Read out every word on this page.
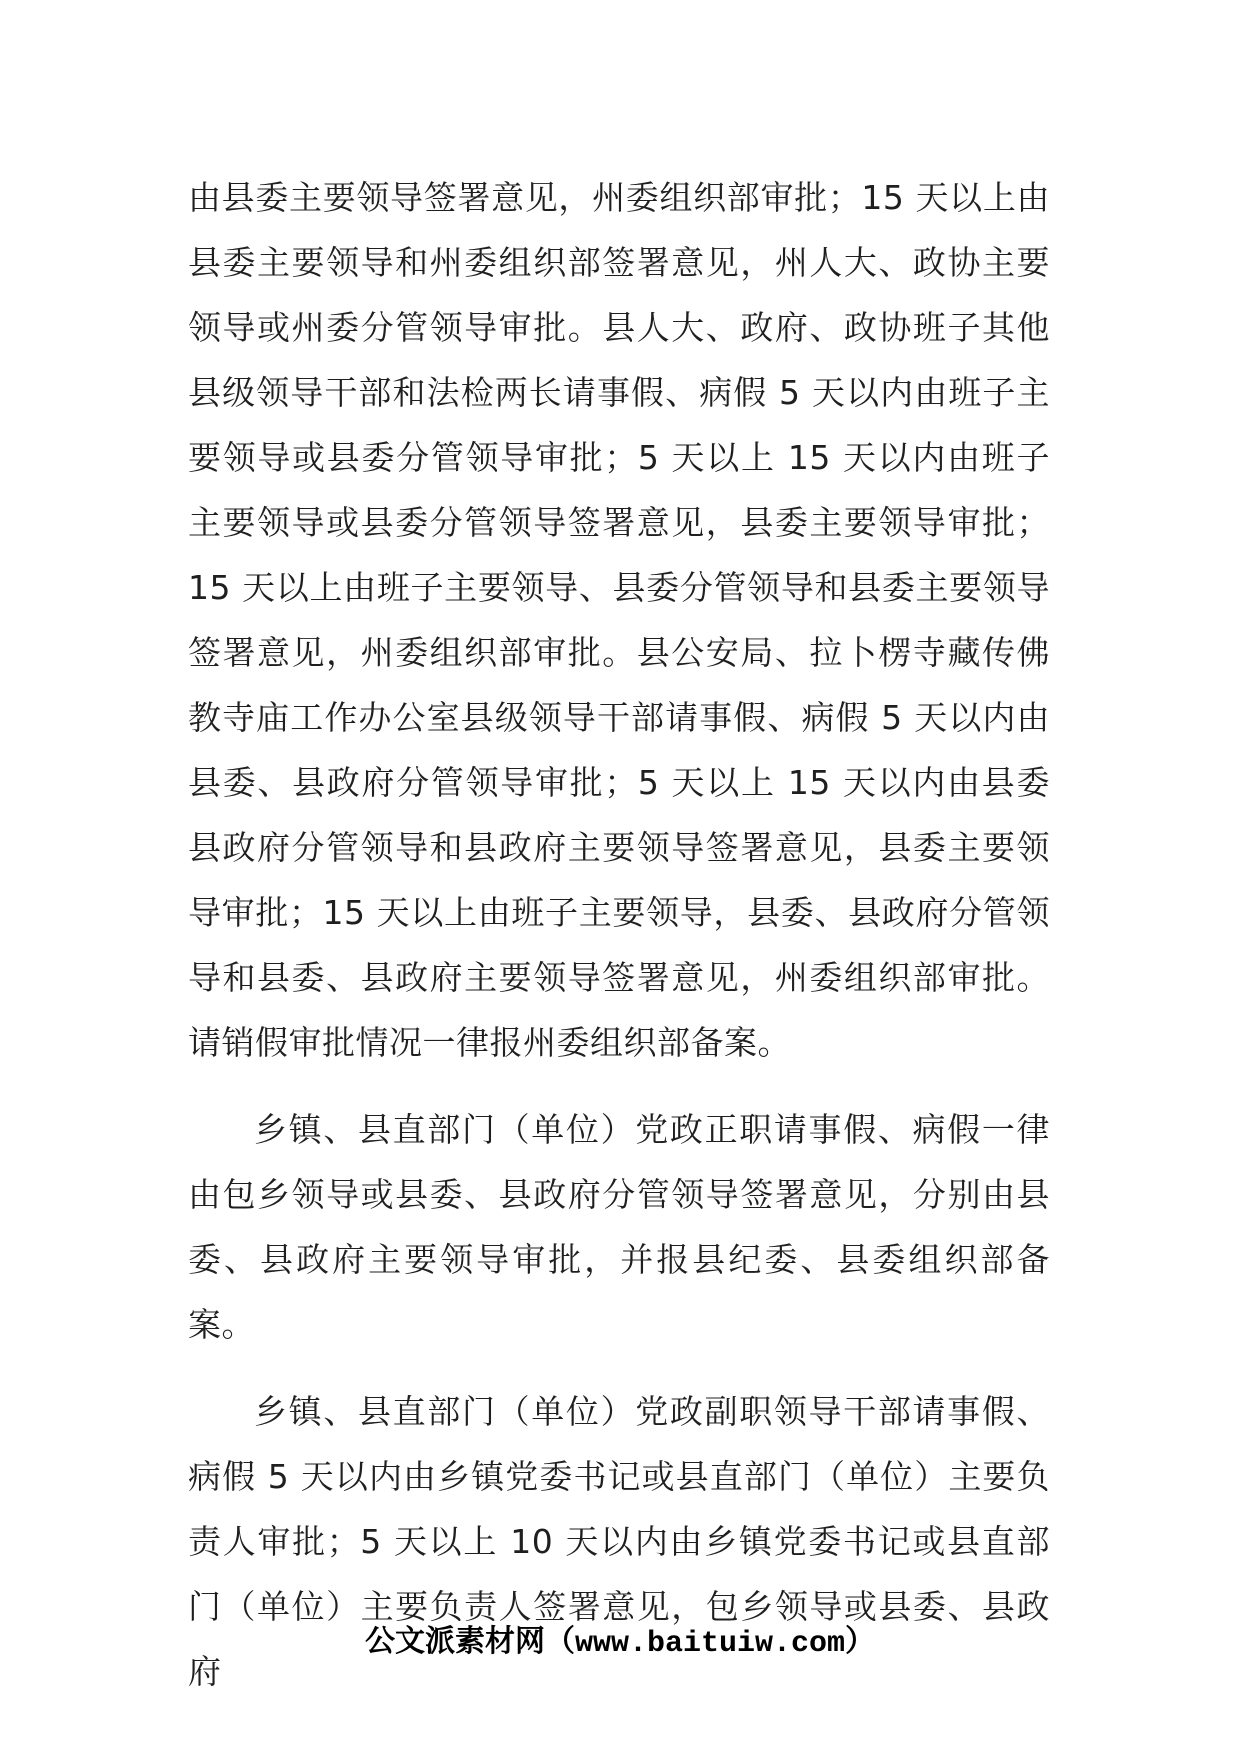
由县委主要领导签署意见，州委组织部审批；15 天以上由县委主要领导和州委组织部签署意见，州人大、政协主要领导或州委分管领导审批。县人大、政府、政协班子其他县级领导干部和法检两长请事假、病假 5 天以内由班子主要领导或县委分管领导审批；5 天以上 15 天以内由班子主要领导或县委分管领导签署意见，县委主要领导审批；15 天以上由班子主要领导、县委分管领导和县委主要领导签署意见，州委组织部审批。县公安局、拉卜楞寺藏传佛教寺庙工作办公室县级领导干部请事假、病假 5 天以内由县委、县政府分管领导审批；5 天以上 15 天以内由县委县政府分管领导和县政府主要领导签署意见，县委主要领导审批；15 天以上由班子主要领导，县委、县政府分管领导和县委、县政府主要领导签署意见，州委组织部审批。请销假审批情况一律报州委组织部备案。

乡镇、县直部门（单位）党政正职请事假、病假一律由包乡领导或县委、县政府分管领导签署意见，分别由县委、县政府主要领导审批，并报县纪委、县委组织部备案。

乡镇、县直部门（单位）党政副职领导干部请事假、病假 5 天以内由乡镇党委书记或县直部门（单位）主要负责人审批；5 天以上 10 天以内由乡镇党委书记或县直部门（单位）主要负责人签署意见，包乡领导或县委、县政府

公文派素材网（www.baituiw.com）
